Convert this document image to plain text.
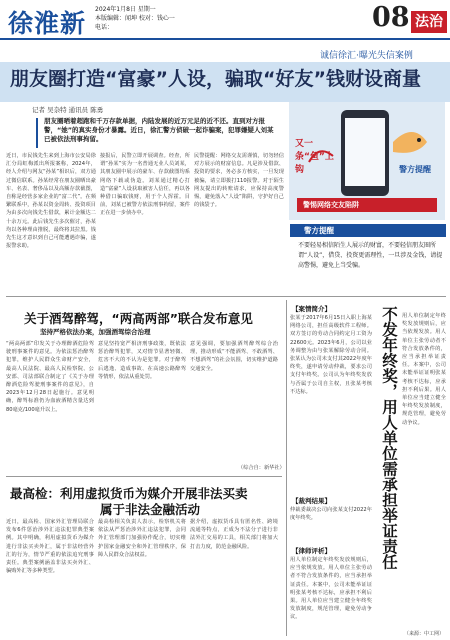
徐淮新 2024年1月8日 星期一
本版编辑：闻坤 校对：钱心一
电话：	08 法治
诚信徐汇·曝光失信案例
朋友圈打造“富豪”人设，骗取“好友”钱财设商量
记者 吴杂特 通讯员 陈勇
朋友圈晒着超跑和千万存款单据，内陆发展的近万元足的近不还。直到对方报警，“她”的真实身份才暴露。近日，徐汇警方侦破一起诈骗案，犯罪嫌疑人刘某已被依法刑事拘留。
近日，市民钱先生来到上海市公安局徐汇分局虹梅派出所报案称，2024年，经人介绍与网友“孙某”相识后，双方通过微信联系。孙某经常在朋友圈晒出豪车、名表、奢侈品以及高额存款截图，自称是经营多家企业的“富二代”。在频繁联系中，孙某以资金周转、投资项目为由多次向钱先生借款，累计金额达二十余万元。此后钱先生多次催讨，孙某均以各种理由推脱，最终将其拉黑。钱先生这才意识到自己可能遭遇诈骗，遂报警求助。
接报后，民警立即开展调查。经查，所谓“孙某”实为一名普通无业人员刘某，其朋友圈中展示的豪车、存款截图均系网络下载或伪造。刘某通过精心打造“富豪”人设获取被害人信任，再以各种借口骗取钱财，用于个人挥霍。目前，刘某已被警方依法刑事拘留，案件正在进一步侦办中。
民警提醒：网络交友需谨慎，切勿轻信对方展示的财富信息。凡是涉及借款、投资的要求，务必多方核实，一旦发现被骗，请立即拨打110报警。对于陌生网友提出的转账请求，应保持高度警惕，避免落入“人设”陷阱，守护好自己的钱袋子。
又一条“鱼”上钩	警方提醒
警惕网络交友陷阱
警方提醒
不要轻易相信陌生人展示的财富，不要轻信朋友圈所谓“人设”，借贷、投资更需理性，一旦涉及金钱，请提高警惕，避免上当受骗。
关于酒驾醉驾，“两高两部”联合发布意见
坚持严格依法办案，加强酒驾综合治理
“两高两部”印发关于办理醉酒危险驾驶刑事案件的意见。为依法惩治醉驾犯罪，维护人民群众生命财产安全，最高人民法院、最高人民检察院、公安部、司法部联合制定了《关于办理醉酒危险驾驶刑事案件的意见》，自2023年12月28日起施行。意见明确，醉驾标准仍为血液酒精含量达到80毫克/100毫升以上。
意见坚持宽严相济刑事政策，既依法惩治醉驾犯罪，又对情节显著轻微、危害不大的不认为是犯罪。对于醉驾后逃逸、造成事故、在高速公路醉驾等情形，依法从重处罚。
意见强调，要加强酒驾醉驾综合治理，推动形成“不能酒驾、不敢酒驾、不想酒驾”的社会氛围，切实维护道路交通安全。
（综合自：新华社）
最高检：利用虚拟货币为媒介开展非法买卖
属于非法金融活动
近日，最高检、国家外汇管理局联合发布6件惩治涉外汇违法犯罪典型案例。其中明确，利用虚拟货币为媒介进行非法买卖外汇，属于非法经营外汇的行为，情节严重的依法追究刑事责任。典型案例涵盖非法买卖外汇、骗购外汇等多种类型。
最高检相关负责人表示，检察机关将依法从严惩治涉外汇违法犯罪，会同外汇管理部门加强协作配合，切实维护国家金融安全和外汇管理秩序，保障人民群众合法权益。
据介绍，虚拟货币具有匿名性、跨境流通等特点，正成为不法分子进行非法外汇交易的工具，相关部门将加大打击力度，防范金融风险。
【案情简介】
张某于2017年6月15日入职上海某网络公司，担任高级软件工程师。双方签订的劳动合同约定月工资为22600元。2023年6月，公司以业务调整为由与张某解除劳动合同。张某认为公司未支付其2022年度年终奖，遂申请劳动仲裁，要求公司支付年终奖。公司认为年终奖发放与否属于公司自主权，且张某考核不达标。	不发年终奖，用人单位需承担举证责任
【裁判结果】
仲裁委裁决公司向张某支付2022年度年终奖。
【律师评析】
用人单位制定年终奖发放规则后，应当依规发放。用人单位主张劳动者不符合发放条件的，应当承担举证责任。本案中，公司未能举证证明张某考核不达标，应承担不利后果。用人单位应当建立健全年终奖发放制度，规范管理，避免劳动争议。
用人单位制定年终奖发放规则后，应当依规发放。用人单位主张劳动者不符合发放条件的，应当承担举证责任。本案中，公司未能举证证明张某考核不达标，应承担不利后果。用人单位应当建立健全年终奖发放制度，规范管理，避免劳动争议。
（来源：中工网）
